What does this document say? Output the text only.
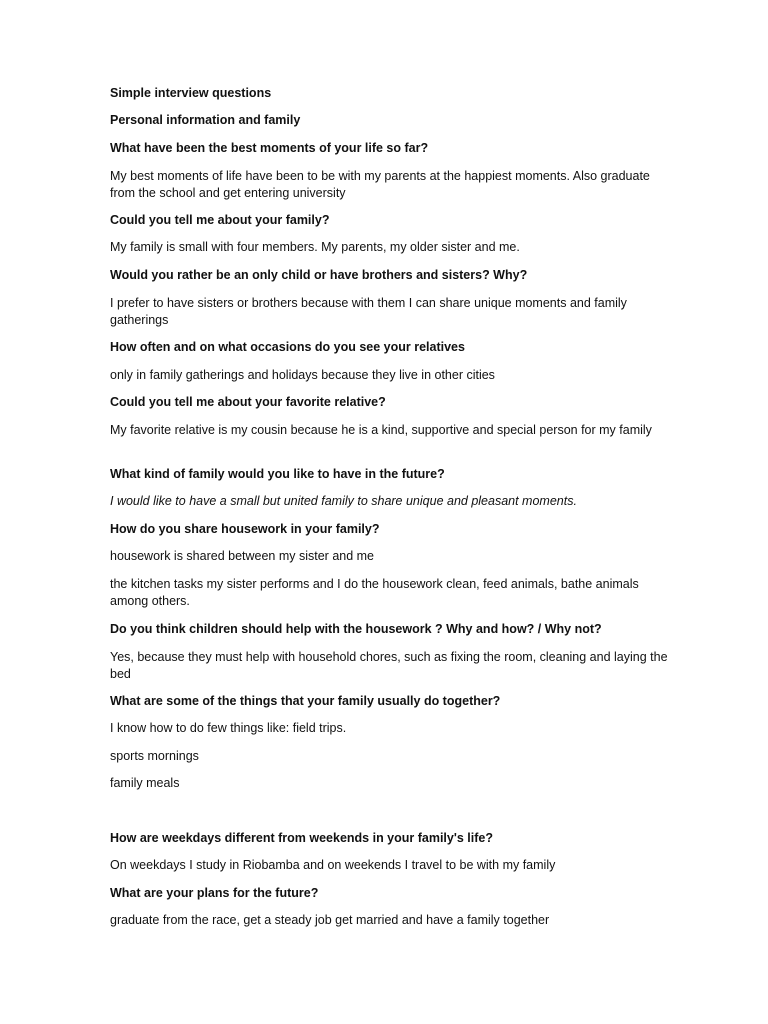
Simple interview questions
Personal information and family
What have been the best moments of your life so far?
My best moments of life have been to be with my parents at the happiest moments. Also graduate from the school and get entering university
Could you tell me about your family?
My family is small with four members. My parents, my older sister and me.
Would you rather be an only child or have brothers and sisters? Why?
I prefer to have sisters or brothers because with them I can share unique moments and family gatherings
How often and on what occasions do you see your relatives
only in family gatherings and holidays because they live in other cities
Could you tell me about your favorite relative?
My favorite relative is my cousin because he is a kind, supportive and special person for my family
What kind of family would you like to have in the future?
I would like to have a small but united family to share unique and pleasant moments.
How do you share housework in your family?
housework is shared between my sister and me
the kitchen tasks my sister performs and I do the housework clean, feed animals, bathe animals among others.
Do you think children should help with the housework ? Why and how? / Why not?
Yes, because they must help with household chores, such as fixing the room, cleaning and laying the bed
What are some of the things that your family usually do together?
I know how to do few things like: field trips.
sports mornings
family meals
How are weekdays different from weekends in your family's life?
On weekdays I study in Riobamba and on weekends I travel to be with my family
What are your plans for the future?
graduate from the race, get a steady job get married and have a family together
